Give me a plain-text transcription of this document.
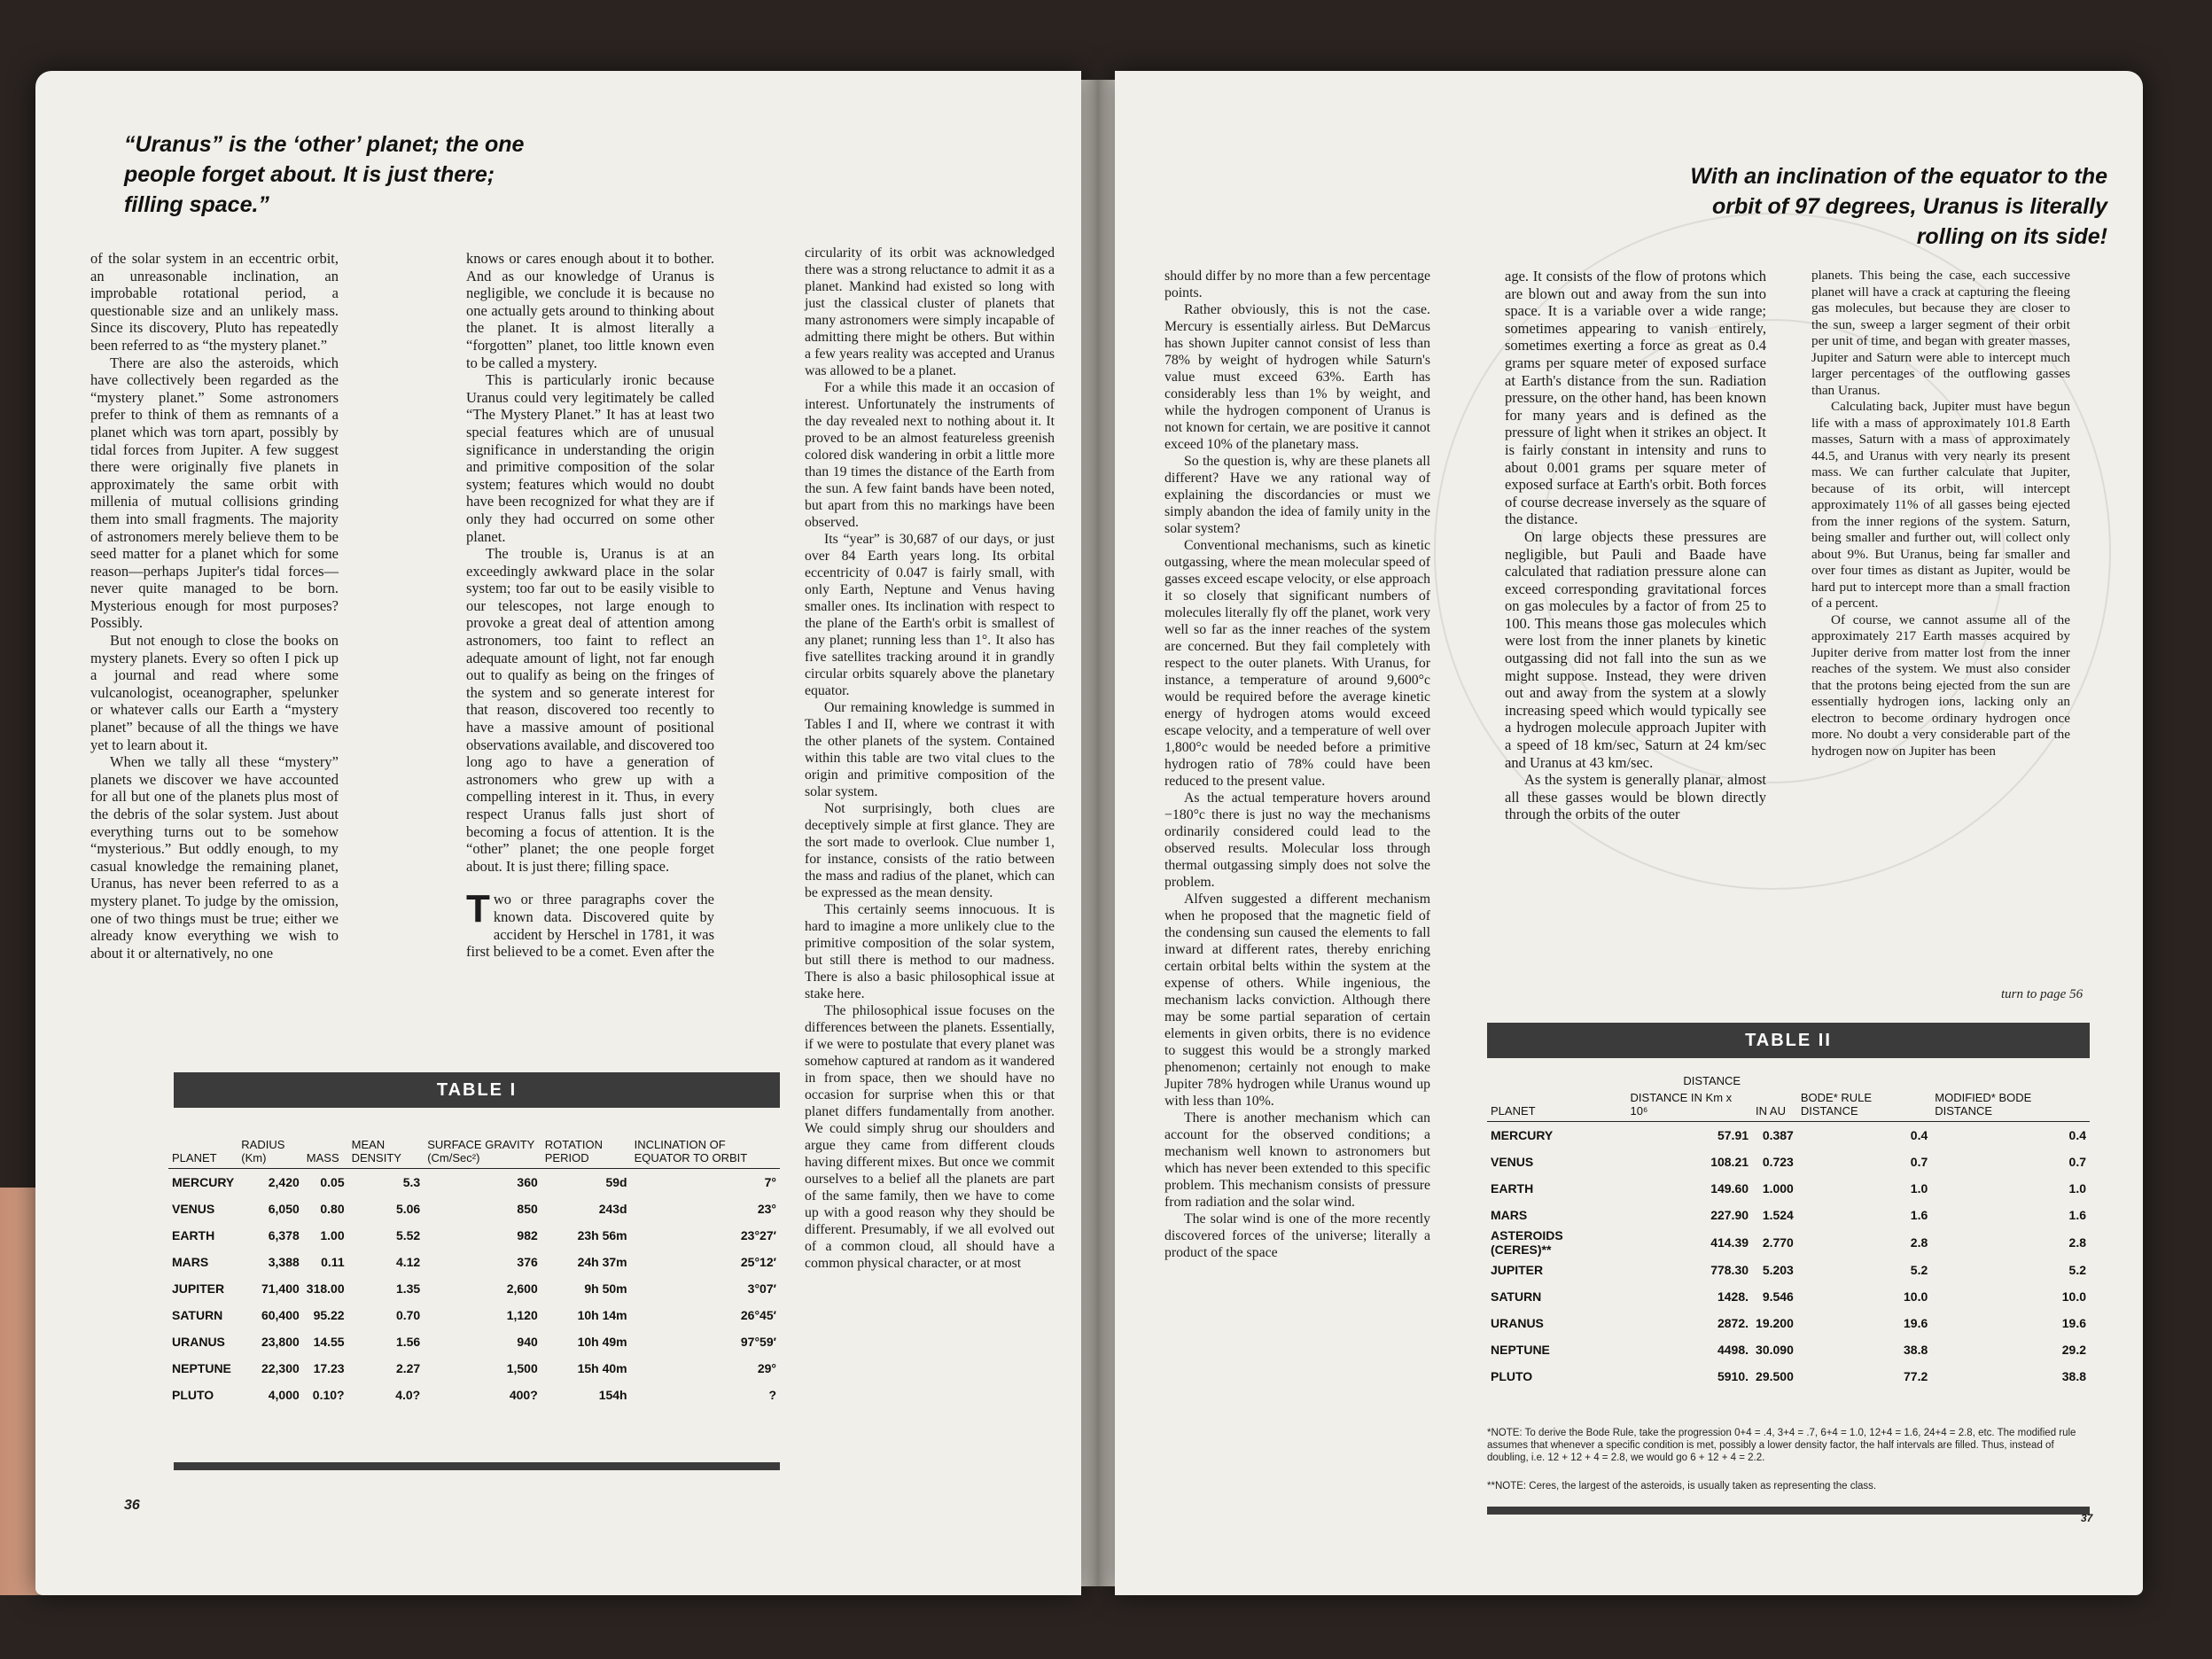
“Uranus” is the ‘other’ planet; the one people forget about. It is just there; filling space.”

of the solar system in an eccentric orbit, an unreasonable inclination, an improbable rotational period, a questionable size and an unlikely mass. Since its discovery, Pluto has repeatedly been referred to as “the mystery planet.”

There are also the asteroids, which have collectively been regarded as the “mystery planet.” Some astronomers prefer to think of them as remnants of a planet which was torn apart, possibly by tidal forces from Jupiter. A few suggest there were originally five planets in approximately the same orbit with millenia of mutual collisions grinding them into small fragments. The majority of astronomers merely believe them to be seed matter for a planet which for some reason—perhaps Jupiter's tidal forces—never quite managed to be born. Mysterious enough for most purposes? Possibly.

But not enough to close the books on mystery planets. Every so often I pick up a journal and read where some vulcanologist, oceanographer, spelunker or whatever calls our Earth a “mystery planet” because of all the things we have yet to learn about it.

When we tally all these “mystery” planets we discover we have accounted for all but one of the planets plus most of the debris of the solar system. Just about everything turns out to be somehow “mysterious.” But oddly enough, to my casual knowledge the remaining planet, Uranus, has never been referred to as a mystery planet. To judge by the omission, one of two things must be true; either we already know everything we wish to about it or alternatively, no one

knows or cares enough about it to bother. And as our knowledge of Uranus is negligible, we conclude it is because no one actually gets around to thinking about the planet. It is almost literally a “forgotten” planet, too little known even to be called a mystery.

This is particularly ironic because Uranus could very legitimately be called “The Mystery Planet.” It has at least two special features which are of unusual significance in understanding the origin and primitive composition of the solar system; features which would no doubt have been recognized for what they are if only they had occurred on some other planet.

The trouble is, Uranus is at an exceedingly awkward place in the solar system; too far out to be easily visible to our telescopes, not large enough to provoke a great deal of attention among astronomers, too faint to reflect an adequate amount of light, not far enough out to qualify as being on the fringes of the system and so generate interest for that reason, discovered too recently to have a massive amount of positional observations available, and discovered too long ago to have a generation of astronomers who grew up with a compelling interest in it. Thus, in every respect Uranus falls just short of becoming a focus of attention. It is the “other” planet; the one people forget about. It is just there; filling space.

Two or three paragraphs cover the known data. Discovered quite by accident by Herschel in 1781, it was first believed to be a comet. Even after the

circularity of its orbit was acknowledged there was a strong reluctance to admit it as a planet. Mankind had existed so long with just the classical cluster of planets that many astronomers were simply incapable of admitting there might be others. But within a few years reality was accepted and Uranus was allowed to be a planet.

For a while this made it an occasion of interest. Unfortunately the instruments of the day revealed next to nothing about it. It proved to be an almost featureless greenish colored disk wandering in orbit a little more than 19 times the distance of the Earth from the sun. A few faint bands have been noted, but apart from this no markings have been observed.

Its “year” is 30,687 of our days, or just over 84 Earth years long. Its orbital eccentricity of 0.047 is fairly small, with only Earth, Neptune and Venus having smaller ones. Its inclination with respect to the plane of the Earth's orbit is smallest of any planet; running less than 1°. It also has five satellites tracking around it in grandly circular orbits squarely above the planetary equator.

Our remaining knowledge is summed in Tables I and II, where we contrast it with the other planets of the system. Contained within this table are two vital clues to the origin and primitive composition of the solar system.

Not surprisingly, both clues are deceptively simple at first glance. They are the sort made to overlook. Clue number 1, for instance, consists of the ratio between the mass and radius of the planet, which can be expressed as the mean density.

This certainly seems innocuous. It is hard to imagine a more unlikely clue to the primitive composition of the solar system, but still there is method to our madness. There is also a basic philosophical issue at stake here.

The philosophical issue focuses on the differences between the planets. Essentially, if we were to postulate that every planet was somehow captured at random as it wandered in from space, then we should have no occasion for surprise when this or that planet differs fundamentally from another. We could simply shrug our shoulders and argue they came from different clouds having different mixes. But once we commit ourselves to a belief all the planets are part of the same family, then we have to come up with a good reason why they should be different. Presumably, if we all evolved out of a common cloud, all should have a common physical character, or at most

TABLE I
PLANET	RADIUS (Km)	MASS	MEAN DENSITY	SURFACE GRAVITY (Cm/Sec²)	ROTATION PERIOD	INCLINATION OF EQUATOR TO ORBIT
MERCURY	2,420	0.05	5.3	360	59d	7°
VENUS	6,050	0.80	5.06	850	243d	23°
EARTH	6,378	1.00	5.52	982	23h 56m	23°27′
MARS	3,388	0.11	4.12	376	24h 37m	25°12′
JUPITER	71,400	318.00	1.35	2,600	9h 50m	3°07′
SATURN	60,400	95.22	0.70	1,120	10h 14m	26°45′
URANUS	23,800	14.55	1.56	940	10h 49m	97°59′
NEPTUNE	22,300	17.23	2.27	1,500	15h 40m	29°
PLUTO	4,000	0.10?	4.0?	400?	154h	?
36

With an inclination of the equator to the orbit of 97 degrees, Uranus is literally rolling on its side!

should differ by no more than a few percentage points.

Rather obviously, this is not the case. Mercury is essentially airless. But DeMarcus has shown Jupiter cannot consist of less than 78% by weight of hydrogen while Saturn's value must exceed 63%. Earth has considerably less than 1% by weight, and while the hydrogen component of Uranus is not known for certain, we are positive it cannot exceed 10% of the planetary mass.

So the question is, why are these planets all different? Have we any rational way of explaining the discordancies or must we simply abandon the idea of family unity in the solar system?

Conventional mechanisms, such as kinetic outgassing, where the mean molecular speed of gasses exceed escape velocity, or else approach it so closely that significant numbers of molecules literally fly off the planet, work very well so far as the inner reaches of the system are concerned. But they fail completely with respect to the outer planets. With Uranus, for instance, a temperature of around 9,600°c would be required before the average kinetic energy of hydrogen atoms would exceed escape velocity, and a temperature of well over 1,800°c would be needed before a primitive hydrogen ratio of 78% could have been reduced to the present value.

As the actual temperature hovers around −180°c there is just no way the mechanisms ordinarily considered could lead to the observed results. Molecular loss through thermal outgassing simply does not solve the problem.

Alfven suggested a different mechanism when he proposed that the magnetic field of the condensing sun caused the elements to fall inward at different rates, thereby enriching certain orbital belts within the system at the expense of others. While ingenious, the mechanism lacks conviction. Although there may be some partial separation of certain elements in given orbits, there is no evidence to suggest this would be a strongly marked phenomenon; certainly not enough to make Jupiter 78% hydrogen while Uranus wound up with less than 10%.

There is another mechanism which can account for the observed conditions; a mechanism well known to astronomers but which has never been extended to this specific problem. This mechanism consists of pressure from radiation and the solar wind.

The solar wind is one of the more recently discovered forces of the universe; literally a product of the space

age. It consists of the flow of protons which are blown out and away from the sun into space. It is a variable over a wide range; sometimes appearing to vanish entirely, sometimes exerting a force as great as 0.4 grams per square meter of exposed surface at Earth's distance from the sun. Radiation pressure, on the other hand, has been known for many years and is defined as the pressure of light when it strikes an object. It is fairly constant in intensity and runs to about 0.001 grams per square meter of exposed surface at Earth's orbit. Both forces of course decrease inversely as the square of the distance.

On large objects these pressures are negligible, but Pauli and Baade have calculated that radiation pressure alone can exceed corresponding gravitational forces on gas molecules by a factor of from 25 to 100. This means those gas molecules which were lost from the inner planets by kinetic outgassing did not fall into the sun as we might suppose. Instead, they were driven out and away from the system at a slowly increasing speed which would typically see a hydrogen molecule approach Jupiter with a speed of 18 km/sec, Saturn at 24 km/sec and Uranus at 43 km/sec.

As the system is generally planar, almost all these gasses would be blown directly through the orbits of the outer

planets. This being the case, each successive planet will have a crack at capturing the fleeing gas molecules, but because they are closer to the sun, sweep a larger segment of their orbit per unit of time, and began with greater masses, Jupiter and Saturn were able to intercept much larger percentages of the outflowing gasses than Uranus.

Calculating back, Jupiter must have begun life with a mass of approximately 101.8 Earth masses, Saturn with a mass of approximately 44.5, and Uranus with very nearly its present mass. We can further calculate that Jupiter, because of its orbit, will intercept approximately 11% of all gasses being ejected from the inner regions of the system. Saturn, being smaller and further out, will collect only about 9%. But Uranus, being far smaller and over four times as distant as Jupiter, would be hard put to intercept more than a small fraction of a percent.

Of course, we cannot assume all of the approximately 217 Earth masses acquired by Jupiter derive from matter lost from the inner reaches of the system. We must also consider that the protons being ejected from the sun are essentially hydrogen ions, lacking only an electron to become ordinary hydrogen once more. No doubt a very considerable part of the hydrogen now on Jupiter has been

turn to page 56
TABLE II
	DISTANCE			
PLANET	DISTANCE IN Km x 10⁶	IN AU	BODE* RULE DISTANCE	MODIFIED* BODE DISTANCE
MERCURY	57.91	0.387	0.4	0.4
VENUS	108.21	0.723	0.7	0.7
EARTH	149.60	1.000	1.0	1.0
MARS	227.90	1.524	1.6	1.6
ASTEROIDS (CERES)**	414.39	2.770	2.8	2.8
JUPITER	778.30	5.203	5.2	5.2
SATURN	1428.	9.546	10.0	10.0
URANUS	2872.	19.200	19.6	19.6
NEPTUNE	4498.	30.090	38.8	29.2
PLUTO	5910.	29.500	77.2	38.8
*NOTE: To derive the Bode Rule, take the progression 0+4 = .4, 3+4 = .7, 6+4 = 1.0, 12+4 = 1.6, 24+4 = 2.8, etc. The modified rule assumes that whenever a specific condition is met, possibly a lower density factor, the half intervals are filled. Thus, instead of doubling, i.e. 12 + 12 + 4 = 2.8, we would go 6 + 12 + 4 = 2.2.
**NOTE: Ceres, the largest of the asteroids, is usually taken as representing the class.
37
